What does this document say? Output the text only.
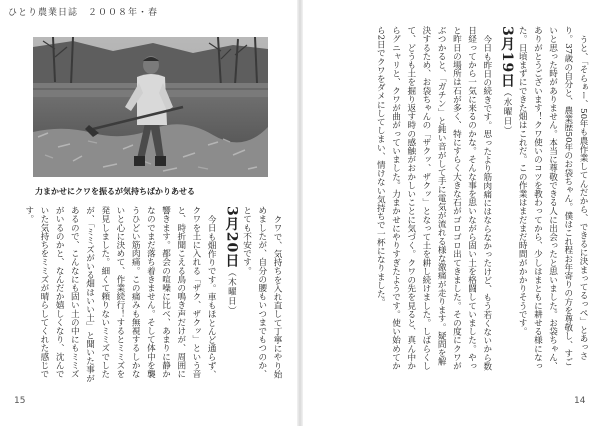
ひとり農業日誌　２００８年・春
力まかせにクワを振るが気持ちばかりあせる	うと、「そらぁー、50年も農作業してんだから、できるに決まってるっぺ」とあっさり。37歳の自分と、農業歴50年のお袋ちゃん。僕はこれ程お年寄りの方を尊敬し、すごいと思った時がありません。本当に尊敬できる人に出会ったと思いました。お袋ちゃん、ありがとうございます！クワ使いのコツを教わってから、少しはまともに耕せる様になった。日頃まずにできた畑はこれだ。この作業はまだまだ時間がかかりそうです。

3月19日（水曜日）

今日も昨日の続きです。思ったより筋肉痛にはならなかったけど、もう若くないから数日経ってから一気に来るのかな。そんな事を思いながら固い土を格闘していました。やっと昨日の場所は石が多く、特にすらく大きな石がゴロゴロ出てきました。その度にクワがぶつかると、「ガチン」と鈍い音がして手に電気が流れる様な激痛が走ります。疑問を解決するため、お袋ちゃんの「ザクッ、ザクッ」となって土を耕し続けました。しばらくして、どうも土を掘り返す時の感触がおかしいことに気づく。クワの先を見ると、真ん中からグニャリと、クワが曲がっていました。力まかせにやりすぎたようです。使い始めてから2日でクワをダメにしてしまい、情けない気持ちで一杯になりました。

クワで、気持ちを入れ直して丁寧にやり始めましたが、自分の腰もいつまでもつのか、とても不安です。

3月20日（木曜日）

今日も畑作りです。車もほとんど通らず、クワを土に入れる「ザク、ザクッ」という音と、時折聞こえる鳥の鳴き声だけが、周囲に響きます。都会の喧噪に比べ、あまりに静かなのでまだ落ち着きません。そして体中を襲うひどい筋肉痛。この痛みも無視するしかないと心に決めて、作業続行！するとミミズを発見しました。細くて頼りないミミズでしたが、「ミミズがいる畑はいい土」と聞いた事があるので、こんなにも固い土の中にもミミズがいるのかと、なんだか嬉しくなり、沈んでいた気持ちをミミズが晴らしてくれた感じです。

15	14
